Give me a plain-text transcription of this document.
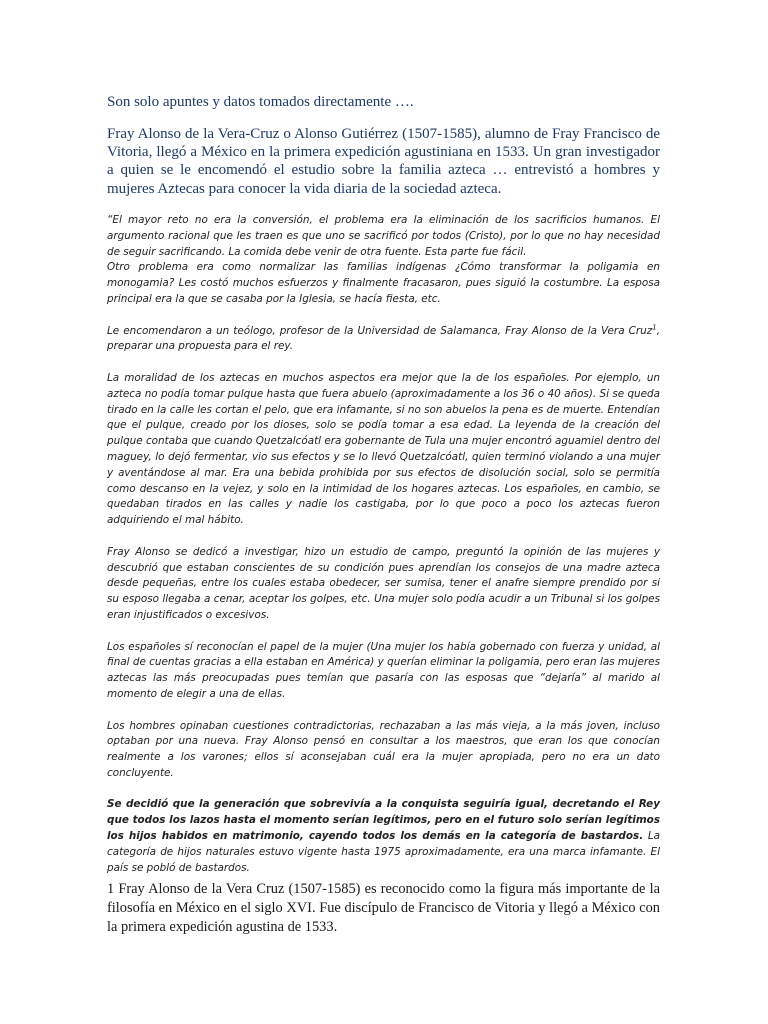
Son solo apuntes y datos tomados directamente ….

Fray Alonso de la Vera-Cruz o Alonso Gutiérrez (1507-1585), alumno de Fray Francisco de Vitoria, llegó a México en la primera expedición agustiniana en 1533. Un gran investigador a quien se le encomendó el estudio sobre la familia azteca … entrevistó a hombres y mujeres Aztecas para conocer la vida diaria de la sociedad azteca.

“El mayor reto no era la conversión, el problema era la eliminación de los sacrificios humanos. El argumento racional que les traen es que uno se sacrificó por todos (Cristo), por lo que no hay necesidad de seguir sacrificando. La comida debe venir de otra fuente. Esta parte fue fácil.

Otro problema era como normalizar las familias indígenas ¿Cómo transformar la poligamia en monogamia? Les costó muchos esfuerzos y finalmente fracasaron, pues siguió la costumbre. La esposa principal era la que se casaba por la Iglesia, se hacía fiesta, etc.

Le encomendaron a un teólogo, profesor de la Universidad de Salamanca, Fray Alonso de la Vera Cruz$^1$, preparar una propuesta para el rey.

La moralidad de los aztecas en muchos aspectos era mejor que la de los españoles. Por ejemplo, un azteca no podía tomar pulque hasta que fuera abuelo (aproximadamente a los 36 o 40 años). Si se queda tirado en la calle les cortan el pelo, que era infamante, si no son abuelos la pena es de muerte. Entendían que el pulque, creado por los dioses, solo se podía tomar a esa edad. La leyenda de la creación del pulque contaba que cuando Quetzalcóatl era gobernante de Tula una mujer encontró aguamiel dentro del maguey, lo dejó fermentar, vio sus efectos y se lo llevó Quetzalcóatl, quien terminó violando a una mujer y aventándose al mar. Era una bebida prohibida por sus efectos de disolución social, solo se permitía como descanso en la vejez, y solo en la intimidad de los hogares aztecas. Los españoles, en cambio, se quedaban tirados en las calles y nadie los castigaba, por lo que poco a poco los aztecas fueron adquiriendo el mal hábito.

Fray Alonso se dedicó a investigar, hizo un estudio de campo, preguntó la opinión de las mujeres y descubrió que estaban conscientes de su condición pues aprendían los consejos de una madre azteca desde pequeñas, entre los cuales estaba obedecer, ser sumisa, tener el anafre siempre prendido por si su esposo llegaba a cenar, aceptar los golpes, etc. Una mujer solo podía acudir a un Tribunal si los golpes eran injustificados o excesivos.

Los españoles sí reconocían el papel de la mujer (Una mujer los había gobernado con fuerza y unidad, al final de cuentas gracias a ella estaban en América) y querían eliminar la poligamia, pero eran las mujeres aztecas las más preocupadas pues temían que pasaría con las esposas que “dejaría” al marido al momento de elegir a una de ellas.

Los hombres opinaban cuestiones contradictorias, rechazaban a las más vieja, a la más joven, incluso optaban por una nueva. Fray Alonso pensó en consultar a los maestros, que eran los que conocían realmente a los varones; ellos sí aconsejaban cuál era la mujer apropiada, pero no era un dato concluyente.

Se decidió que la generación que sobrevivía a la conquista seguiría igual, decretando el Rey que todos los lazos hasta el momento serían legítimos, pero en el futuro solo serían legítimos los hijos habidos en matrimonio, cayendo todos los demás en la categoría de bastardos. La categoría de hijos naturales estuvo vigente hasta 1975 aproximadamente, era una marca infamante. El país se pobló de bastardos.

1 Fray Alonso de la Vera Cruz (1507-1585) es reconocido como la figura más importante de la filosofía en México en el siglo XVI. Fue discípulo de Francisco de Vitoria y llegó a México con la primera expedición agustina de 1533.
